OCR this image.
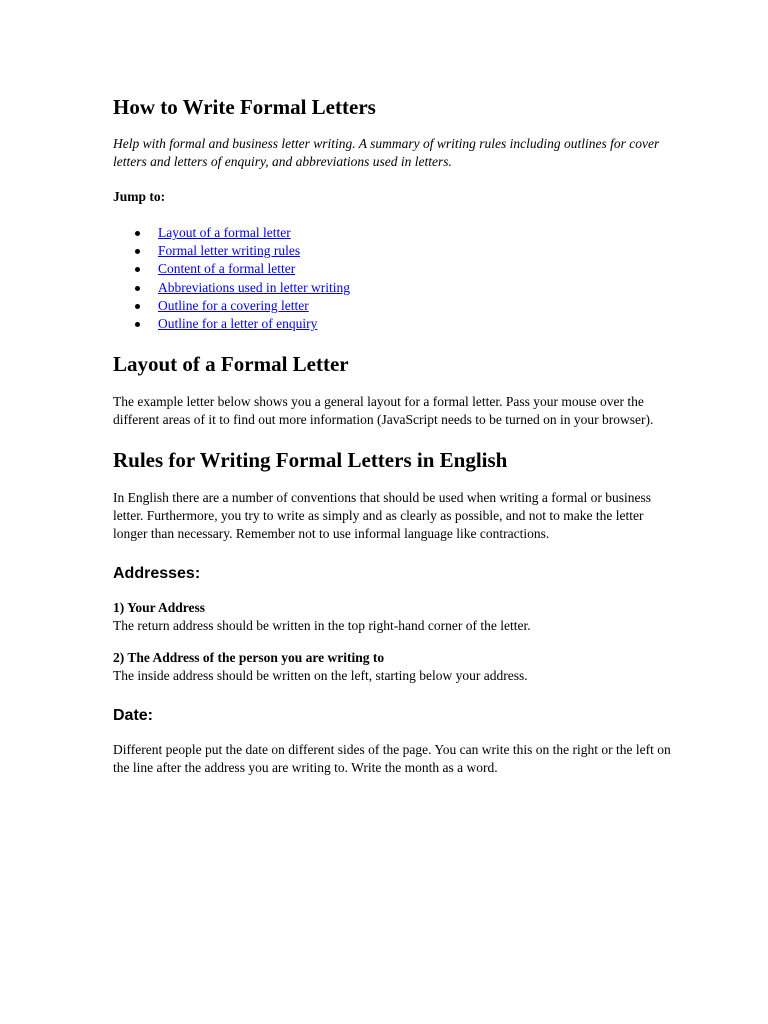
How to Write Formal Letters

Help with formal and business letter writing. A summary of writing rules including outlines for cover letters and letters of enquiry, and abbreviations used in letters.

Jump to:

Layout of a formal letter
Formal letter writing rules
Content of a formal letter
Abbreviations used in letter writing
Outline for a covering letter
Outline for a letter of enquiry
Layout of a Formal Letter

The example letter below shows you a general layout for a formal letter. Pass your mouse over the different areas of it to find out more information (JavaScript needs to be turned on in your browser).

Rules for Writing Formal Letters in English

In English there are a number of conventions that should be used when writing a formal or business letter. Furthermore, you try to write as simply and as clearly as possible, and not to make the letter longer than necessary. Remember not to use informal language like contractions.

Addresses:
1) Your Address
The return address should be written in the top right-hand corner of the letter.
2) The Address of the person you are writing to
The inside address should be written on the left, starting below your address.
Date:

Different people put the date on different sides of the page. You can write this on the right or the left on the line after the address you are writing to. Write the month as a word.
